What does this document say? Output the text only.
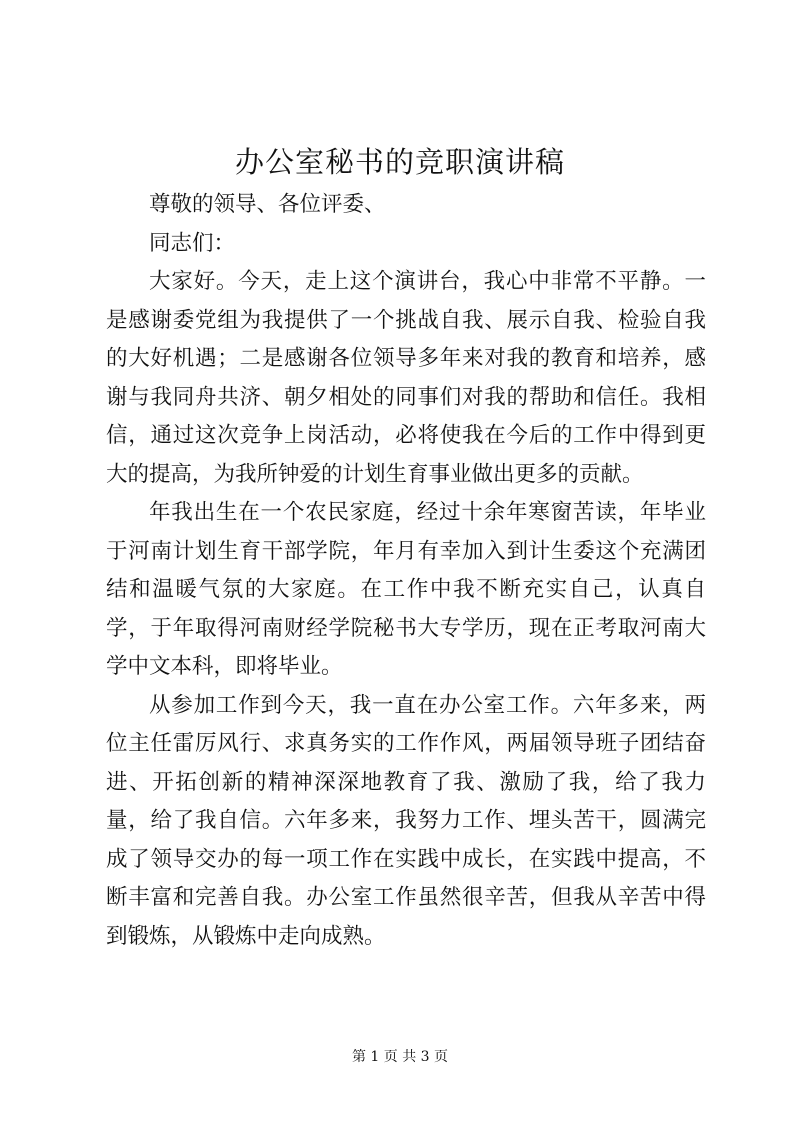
办公室秘书的竞职演讲稿

尊敬的领导、各位评委、

同志们：

大家好。今天，走上这个演讲台，我心中非常不平静。一是感谢委党组为我提供了一个挑战自我、展示自我、检验自我的大好机遇；二是感谢各位领导多年来对我的教育和培养，感谢与我同舟共济、朝夕相处的同事们对我的帮助和信任。我相信，通过这次竞争上岗活动，必将使我在今后的工作中得到更大的提高，为我所钟爱的计划生育事业做出更多的贡献。

年我出生在一个农民家庭，经过十余年寒窗苦读，年毕业于河南计划生育干部学院，年月有幸加入到计生委这个充满团结和温暖气氛的大家庭。在工作中我不断充实自己，认真自学，于年取得河南财经学院秘书大专学历，现在正考取河南大学中文本科，即将毕业。

从参加工作到今天，我一直在办公室工作。六年多来，两位主任雷厉风行、求真务实的工作作风，两届领导班子团结奋进、开拓创新的精神深深地教育了我、激励了我，给了我力量，给了我自信。六年多来，我努力工作、埋头苦干，圆满完成了领导交办的每一项工作在实践中成长，在实践中提高，不断丰富和完善自我。办公室工作虽然很辛苦，但我从辛苦中得到锻炼，从锻炼中走向成熟。

第 1 页 共 3 页
